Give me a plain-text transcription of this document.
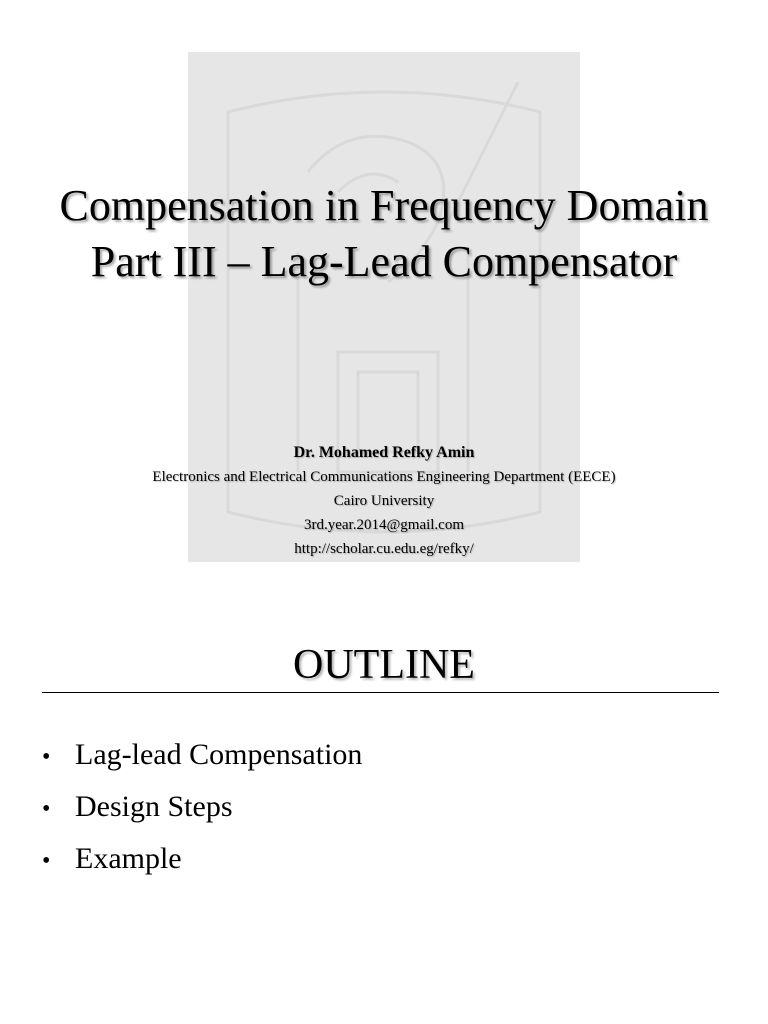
Compensation in Frequency Domain
Part III – Lag-Lead Compensator
Dr. Mohamed Refky Amin
Electronics and Electrical Communications Engineering Department (EECE)
Cairo University
3rd.year.2014@gmail.com
http://scholar.cu.edu.eg/refky/
OUTLINE
• Lag-lead Compensation
• Design Steps
• Example
